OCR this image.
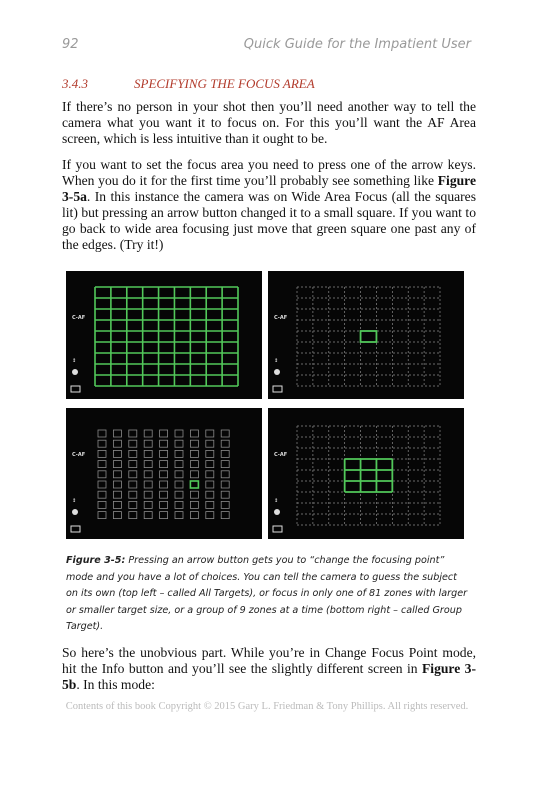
92	Quick Guide for the Impatient User
3.4.3	SPECIFYING THE FOCUS AREA

If there’s no person in your shot then you’ll need another way to tell the camera what you want it to focus on. For this you’ll want the AF Area screen, which is less intuitive than it ought to be.

If you want to set the focus area you need to press one of the arrow keys. When you do it for the first time you’ll probably see something like Figure 3-5a. In this instance the camera was on Wide Area Focus (all the squares lit) but pressing an arrow button changed it to a small square. If you want to go back to wide area focusing just move that green square one past any of the edges. (Try it!)

C-AF
↕
C-AF
↕
C-AF
↕
C-AF
↕

Figure 3-5: Pressing an arrow button gets you to “change the focusing point” mode and you have a lot of choices. You can tell the camera to guess the subject on its own (top left – called All Targets), or focus in only one of 81 zones with larger or smaller target size, or a group of 9 zones at a time (bottom right – called Group Target).

So here’s the unobvious part. While you’re in Change Focus Point mode, hit the Info button and you’ll see the slightly different screen in Figure 3-5b. In this mode:

Contents of this book Copyright © 2015 Gary L. Friedman & Tony Phillips. All rights reserved.
